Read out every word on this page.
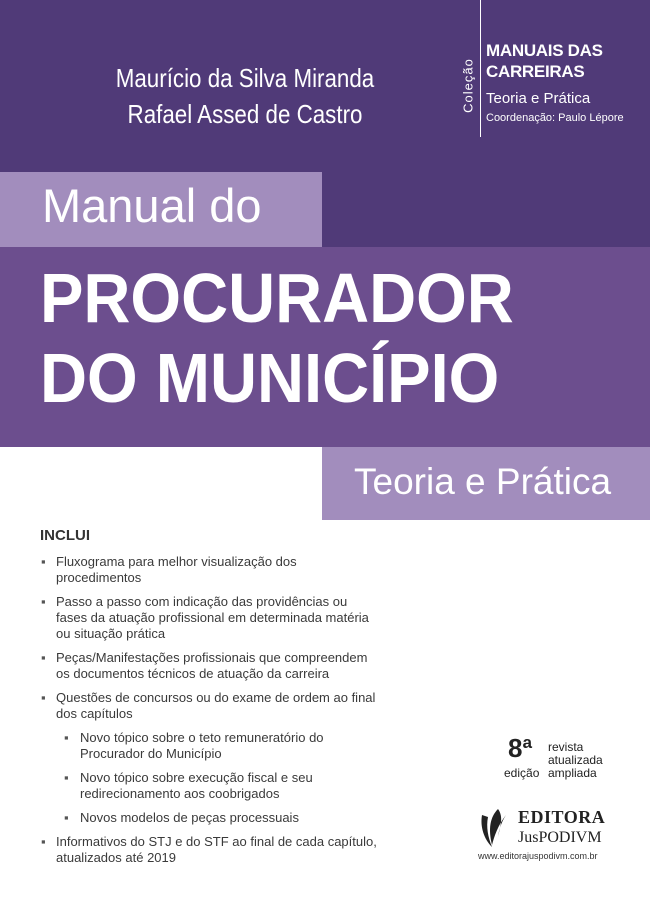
Maurício da Silva Miranda
Rafael Assed de Castro
Coleção
MANUAIS DAS
CARREIRAS
Teoria e Prática
Coordenação: Paulo Lépore
Manual do
PROCURADOR
DO MUNICÍPIO
Teoria e Prática
INCLUI
▪ Fluxograma para melhor visualização dos procedimentos
▪ Passo a passo com indicação das providências ou fases da atuação profissional em determinada matéria ou situação prática
▪ Peças/Manifestações profissionais que compreendem os documentos técnicos de atuação da carreira
▪ Questões de concursos ou do exame de ordem ao final dos capítulos
▪ Novo tópico sobre o teto remuneratório do Procurador do Município
▪ Novo tópico sobre execução fiscal e seu redirecionamento aos coobrigados
▪ Novos modelos de peças processuais
▪ Informativos do STJ e do STF ao final de cada capítulo, atualizados até 2019
8ª
edição
revista
atualizada
ampliada
EDITORA
JusPODIVM
www.editorajuspodivm.com.br
